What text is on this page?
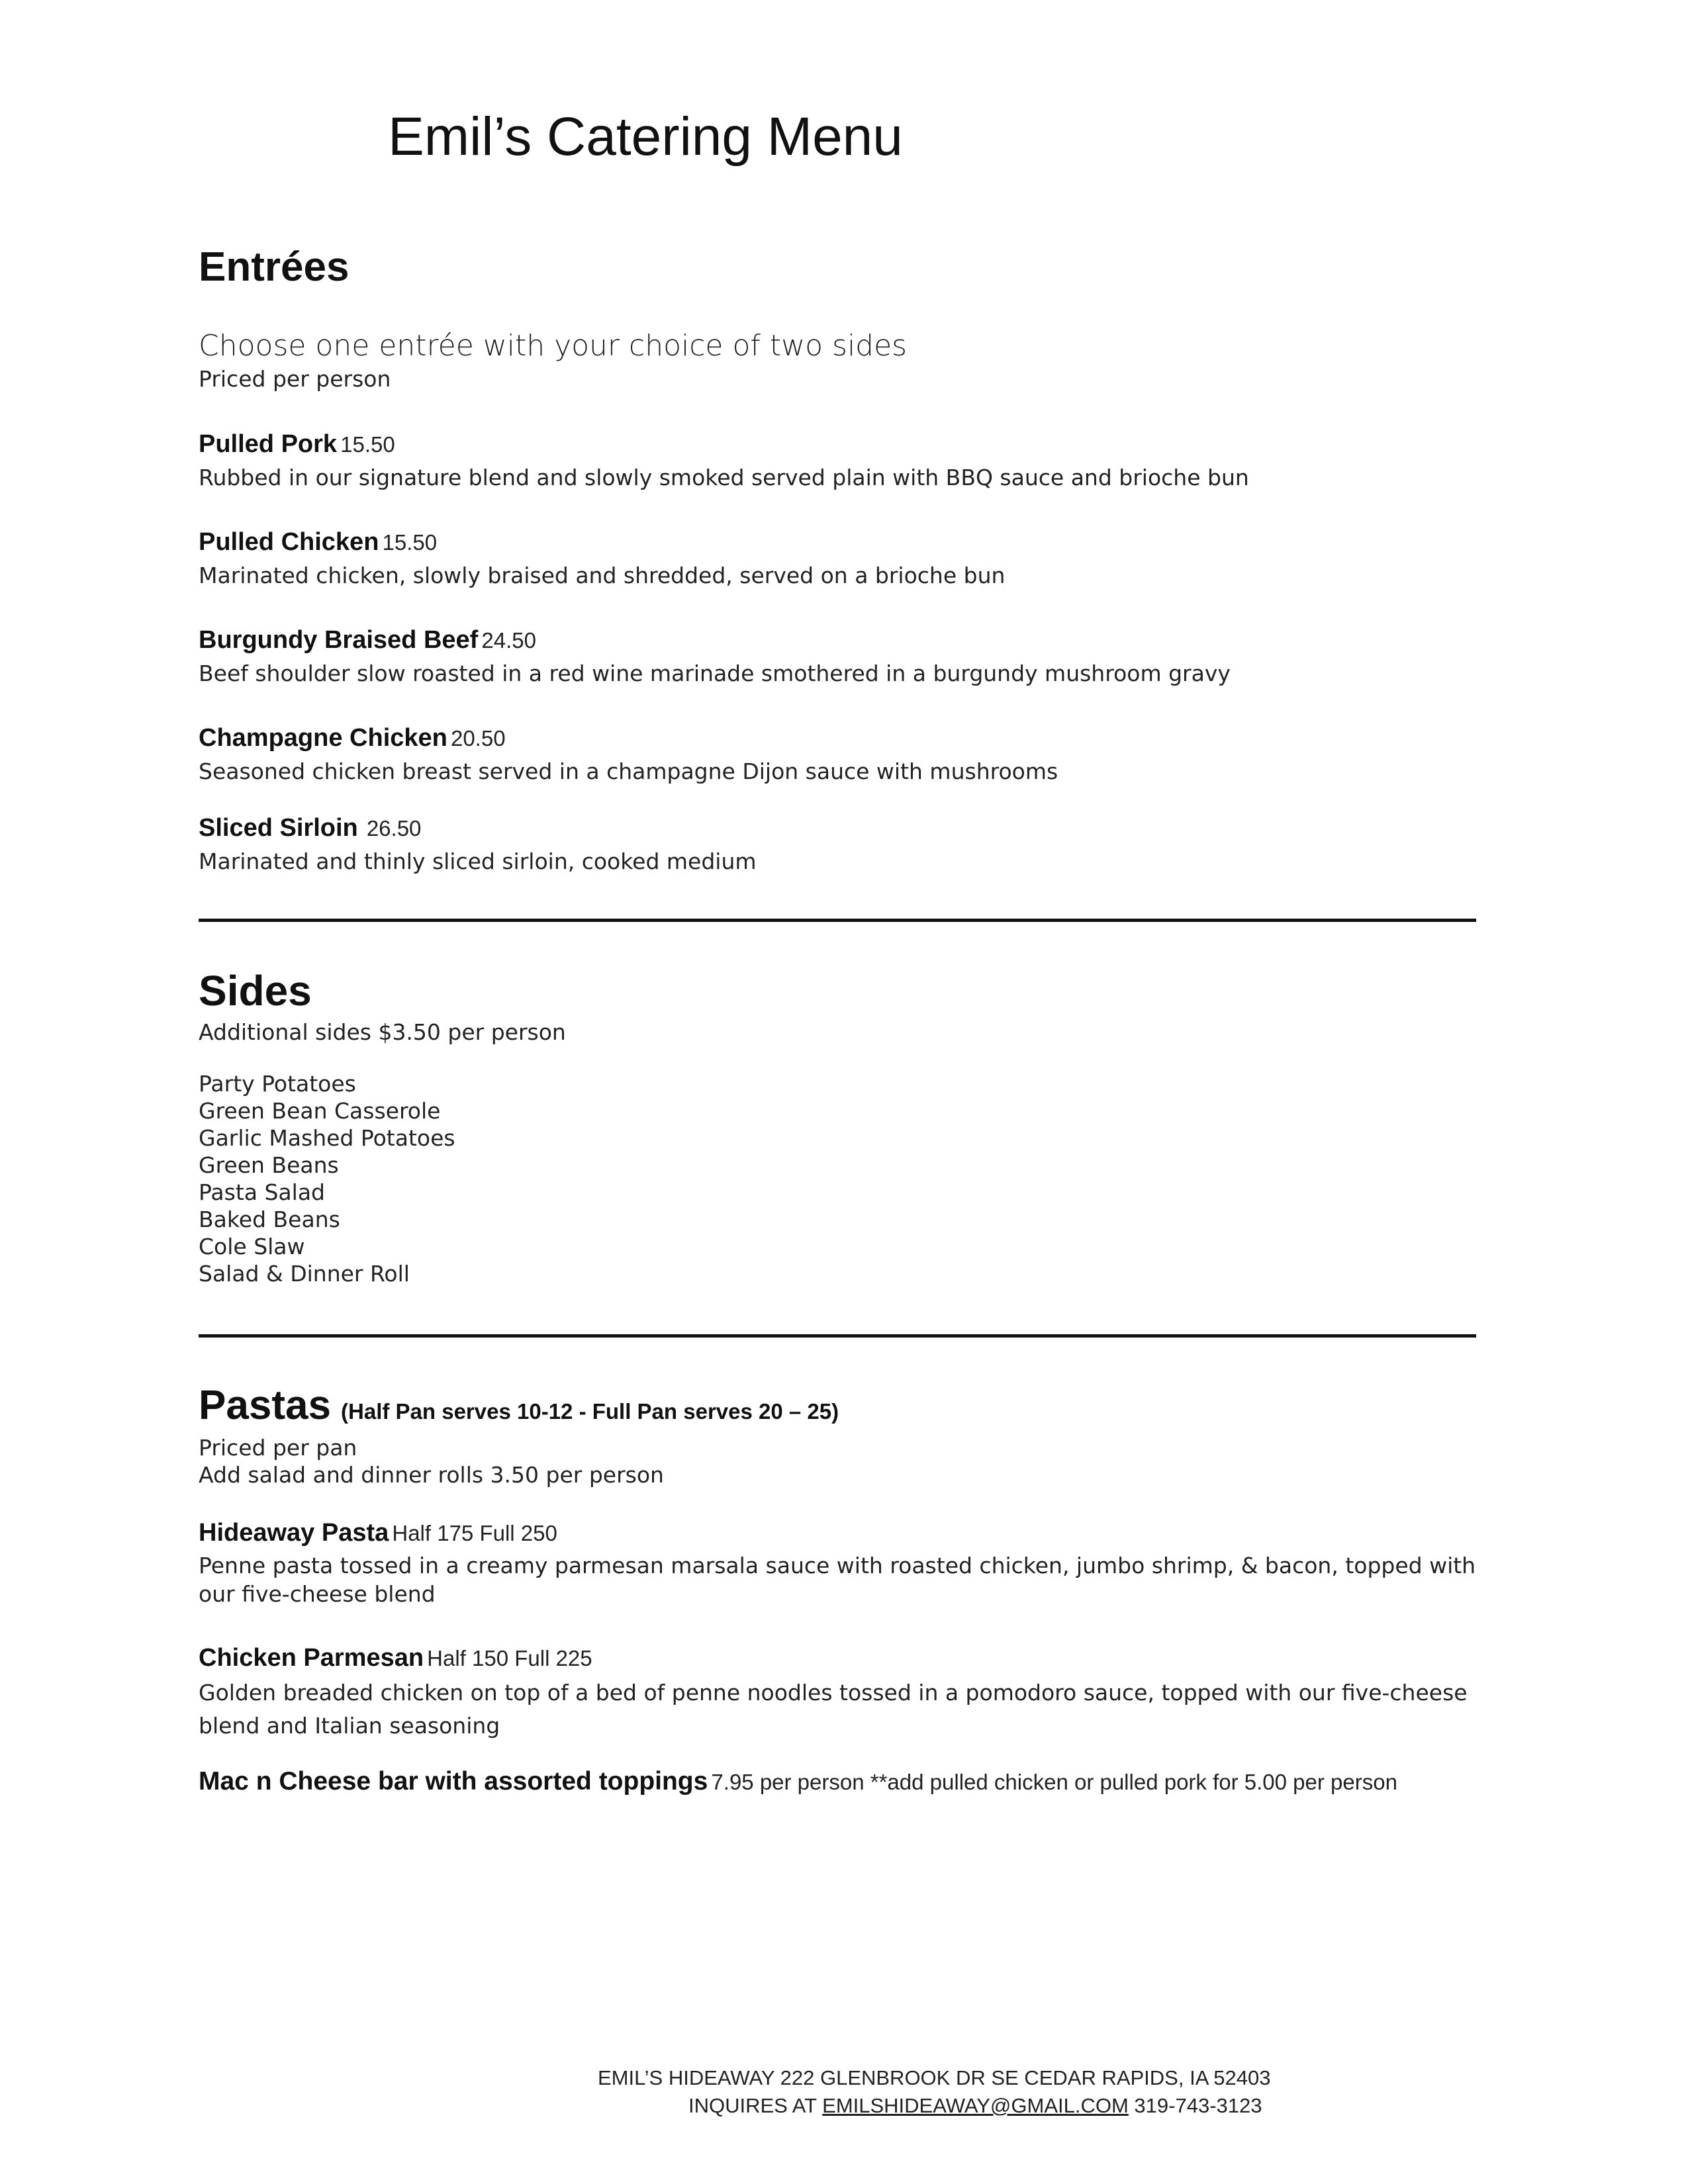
Emil’s Catering Menu
Entrées
Choose one entrée with your choice of two sides
Priced per person
Pulled Pork 15.50
Rubbed in our signature blend and slowly smoked served plain with BBQ sauce and brioche bun
Pulled Chicken 15.50
Marinated chicken, slowly braised and shredded, served on a brioche bun
Burgundy Braised Beef 24.50
Beef shoulder slow roasted in a red wine marinade smothered in a burgundy mushroom gravy
Champagne Chicken 20.50
Seasoned chicken breast served in a champagne Dijon sauce with mushrooms
Sliced Sirloin 26.50
Marinated and thinly sliced sirloin, cooked medium
Sides
Additional sides $3.50 per person
Party Potatoes
Green Bean Casserole
Garlic Mashed Potatoes
Green Beans
Pasta Salad
Baked Beans
Cole Slaw
Salad & Dinner Roll
Pastas (Half Pan serves 10-12 - Full Pan serves 20 – 25)
Priced per pan
Add salad and dinner rolls 3.50 per person
Hideaway Pasta Half 175 Full 250
Penne pasta tossed in a creamy parmesan marsala sauce with roasted chicken, jumbo shrimp, & bacon, topped with our five-cheese blend
Chicken Parmesan Half 150 Full 225
Golden breaded chicken on top of a bed of penne noodles tossed in a pomodoro sauce, topped with our five-cheese blend and Italian seasoning
Mac n Cheese bar with assorted toppings 7.95 per person **add pulled chicken or pulled pork for 5.00 per person
EMIL’S HIDEAWAY 222 GLENBROOK DR SE CEDAR RAPIDS, IA 52403
INQUIRES AT EMILSHIDEAWAY@GMAIL.COM 319-743-3123
